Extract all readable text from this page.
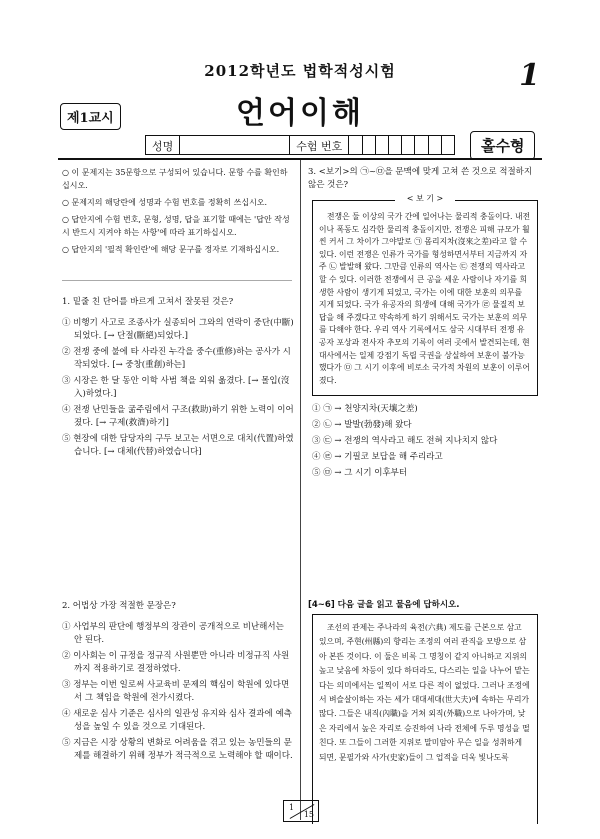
2012학년도 법학적성시험	1
제1교시	언어이해
성명	수험 번호	홀수형
○ 이 문제지는 35문항으로 구성되어 있습니다. 문항 수를 확인하십시오.
○ 문제지의 해당란에 성명과 수험 번호를 정확히 쓰십시오.
○ 답안지에 수험 번호, 문형, 성명, 답을 표기할 때에는 '답안 작성 시 반드시 지켜야 하는 사항'에 따라 표기하십시오.
○ 답안지의 '필적 확인란'에 해당 문구를 정자로 기재하십시오.
1. 밑줄 친 단어를 바르게 고쳐서 잘못된 것은?
① 비행기 사고로 조종사가 실종되어 그와의 연락이 중단(中斷)되었다. [→ 단절(斷絕)되었다.]
② 전쟁 중에 불에 타 사라진 누각을 중수(重修)하는 공사가 시작되었다. [→ 중창(重創)하는]
③ 시장은 한 달 동안 이학 사범 책을 외워 옮겼다. [→ 몰입(沒入)하였다.]
④ 전쟁 난민들을 굶주림에서 구조(救助)하기 위한 노력이 이어졌다. [→ 구제(救濟)하기]
⑤ 현장에 대한 담당자의 구두 보고는 서면으로 대치(代置)하였습니다. [→ 대체(代替)하였습니다]
2. 어법상 가장 적절한 문장은?
① 사업부의 판단에 행정부의 장관이 공개적으로 비난해서는 안 된다.
② 이사회는 이 규정을 정규직 사원뿐만 아니라 비정규직 사원까지 적용하기로 결정하였다.
③ 정부는 이번 일로써 사교육비 문제의 핵심이 학원에 있다면서 그 책임을 학원에 전가시켰다.
④ 새로운 심사 기준은 심사의 일관성 유지와 심사 결과에 예측성을 높일 수 있을 것으로 기대된다.
⑤ 지금은 시장 상황의 변화로 어려움을 겪고 있는 농민들의 문제를 해결하기 위해 정부가 적극적으로 노력해야 할 때이다.
3. <보기>의 ㉠~㉤을 문맥에 맞게 고쳐 쓴 것으로 적절하지 않은 것은?
전쟁은 둘 이상의 국가 간에 일어나는 물리적 충돌이다. 내전이나 폭동도 심각한 물리적 충돌이지만, 전쟁은 피해 규모가 훨씬 커서 그 차이가 그야말로 ㉠ 몸리지차(沒來之差)라고 할 수 있다. 이런 전쟁은 인류가 국가를 형성하면서부터 지금까지 자주 ㉡ 발발해 왔다. 그만큼 인류의 역사는 ㉢ 전쟁의 역사라고 할 수 있다. 이러한 전쟁에서 큰 공을 세운 사람이나 자기를 희생한 사람이 생기게 되었고, 국가는 이에 대한 보훈의 의무를 지게 되었다. 국가 유공자의 희생에 대해 국가가 ㉣ 물질적 보답을 해 주겠다고 약속하게 하기 위해서도 국가는 보훈의 의무를 다해야 한다. 우리 역사 기록에서도 삼국 시대부터 전쟁 유공자 포상과 전사자 추모의 기록이 여러 곳에서 발견되는데, 현대사에서는 일제 강점기 독립 국권을 상실하여 보훈이 불가능했다가 ㉤ 그 시기 이후에 비로소 국가적 차원의 보훈이 이루어졌다.
< 보 기 >
① ㉠ → 천양지차(天壤之差)
② ㉡ → 발발(勃發)해 왔다
③ ㉢ → 전쟁의 역사라고 해도 전혀 지나치지 않다
④ ㉣ → 기필코 보답을 해 주리라고
⑤ ㉤ → 그 시기 이후부터
[4~6] 다음 글을 읽고 물음에 답하시오.
조선의 관제는 주나라의 육전(六典) 제도를 근본으로 삼고 있으며, 주현(州縣)의 향리는 조정의 여러 관직을 모방으로 삼아 본뜬 것이다. 이 둘은 비록 그 명칭이 같지 아니하고 지위의 높고 낮음에 차등이 있다 하더라도, 다스리는 일을 나누어 맡는다는 의미에서는 일찍이 서로 다른 적이 없었다. 그러나 조정에서 벼슬살이하는 자는 세가 대대세대(世大夫)에 속하는 무리가 많다. 그들은 내직(內職)을 거쳐 외직(外職)으로 나아가며, 낮은 자리에서 높은 자리로 승진하여 나라 전체에 두루 명성을 떨친다. 또 그들이 그러한 지위로 말미암아 무슨 일을 성취하게 되면, 문필가와 사가(史家)들이 그 업적을 더욱 빛나도록
1
15
